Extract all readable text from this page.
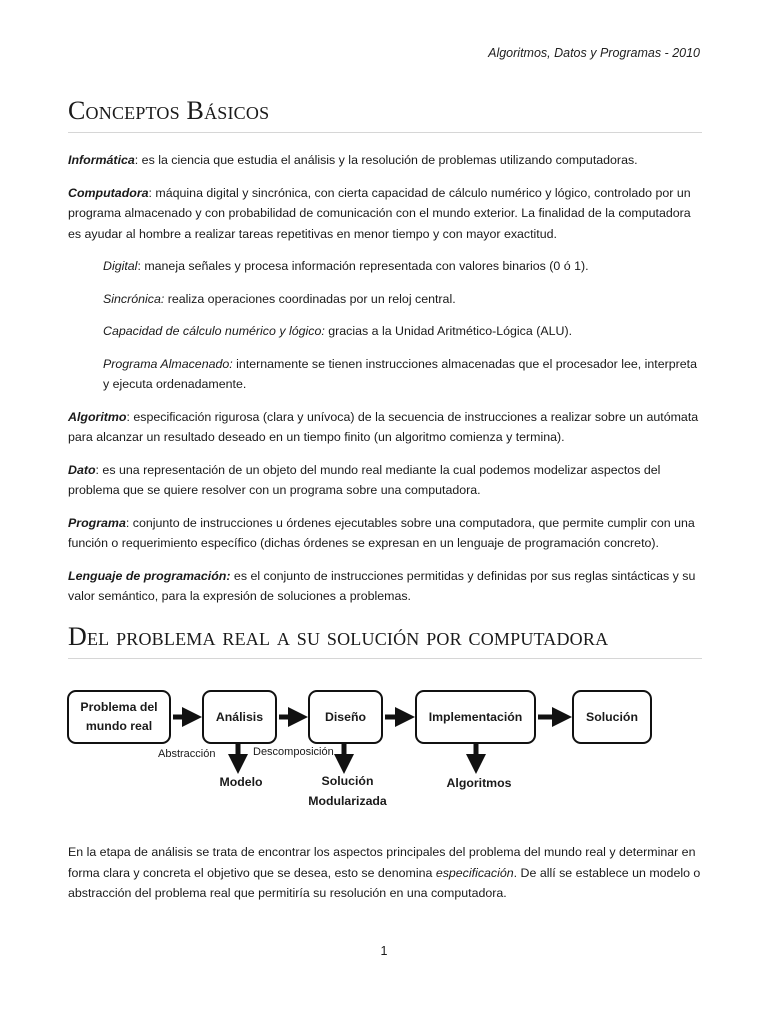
Algoritmos, Datos y Programas - 2010
Conceptos Básicos

Informática: es la ciencia que estudia el análisis y la resolución de problemas utilizando computadoras.

Computadora: máquina digital y sincrónica, con cierta capacidad de cálculo numérico y lógico, controlado por un programa almacenado y con probabilidad de comunicación con el mundo exterior. La finalidad de la computadora es ayudar al hombre a realizar tareas repetitivas en menor tiempo y con mayor exactitud.

Digital: maneja señales y procesa información representada con valores binarios (0 ó 1).

Sincrónica: realiza operaciones coordinadas por un reloj central.

Capacidad de cálculo numérico y lógico: gracias a la Unidad Aritmético-Lógica (ALU).

Programa Almacenado: internamente se tienen instrucciones almacenadas que el procesador lee, interpreta y ejecuta ordenadamente.

Algoritmo: especificación rigurosa (clara y unívoca) de la secuencia de instrucciones a realizar sobre un autómata para alcanzar un resultado deseado en un tiempo finito (un algoritmo comienza y termina).

Dato: es una representación de un objeto del mundo real mediante la cual podemos modelizar aspectos del problema que se quiere resolver con un programa sobre una computadora.

Programa: conjunto de instrucciones u órdenes ejecutables sobre una computadora, que permite cumplir con una función o requerimiento específico (dichas órdenes se expresan en un lenguaje de programación concreto).

Lenguaje de programación: es el conjunto de instrucciones permitidas y definidas por sus reglas sintácticas y su valor semántico, para la expresión de soluciones a problemas.

Del problema real a su solución por computadora
Problema del mundo real
Análisis	Diseño	Implementación	Solución
Abstracción	Descomposición
Modelo	Solución Modularizada
Algoritmos

En la etapa de análisis se trata de encontrar los aspectos principales del problema del mundo real y determinar en forma clara y concreta el objetivo que se desea, esto se denomina especificación. De allí se establece un modelo o abstracción del problema real que permitiría su resolución en una computadora.

1
